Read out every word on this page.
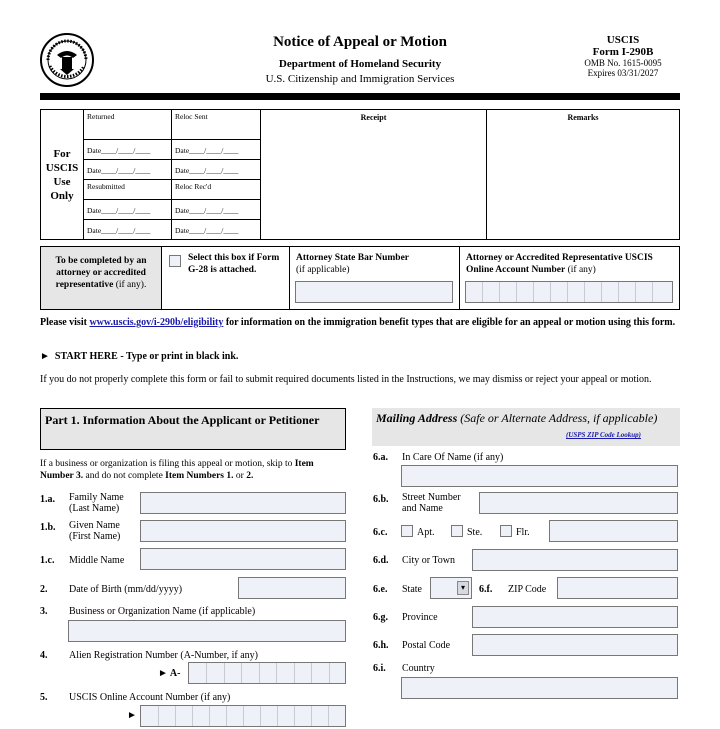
Notice of Appeal or Motion
Department of Homeland Security
U.S. Citizenship and Immigration Services
USCIS
Form I-290B
OMB No. 1615-0095
Expires 03/31/2027
For USCIS Use Only
Returned	Reloc Sent
Date____/____/____	Date____/____/____
Date____/____/____	Date____/____/____
Resubmitted	Reloc Rec'd
Date____/____/____	Date____/____/____
Date____/____/____	Date____/____/____
Receipt	Remarks
To be completed by an attorney or accredited representative (if any).
Select this box if Form G-28 is attached.
Attorney State Bar Number
(if applicable)
Attorney or Accredited Representative USCIS Online Account Number (if any)
Please visit www.uscis.gov/i-290b/eligibility for information on the immigration benefit types that are eligible for an appeal or motion using this form.
►  START HERE - Type or print in black ink.
If you do not properly complete this form or fail to submit required documents listed in the Instructions, we may dismiss or reject your appeal or motion.
Part 1. Information About the Applicant or Petitioner
If a business or organization is filing this appeal or motion, skip to Item Number 3. and do not complete Item Numbers 1. or 2.
1.a. Family Name (Last Name)
1.b. Given Name (First Name)
1.c. Middle Name
2. Date of Birth (mm/dd/yyyy)
3. Business or Organization Name (if applicable)
4. Alien Registration Number (A-Number, if any)
► A-
5. USCIS Online Account Number (if any)
►
Mailing Address (Safe or Alternate Address, if applicable)
(USPS ZIP Code Lookup)
6.a. In Care Of Name (if any)
6.b. Street Number and Name
6.c.	Apt.	Ste.	Flr.
6.d. City or Town
6.e. State	▾	6.f. ZIP Code
6.g. Province
6.h. Postal Code
6.i. Country
